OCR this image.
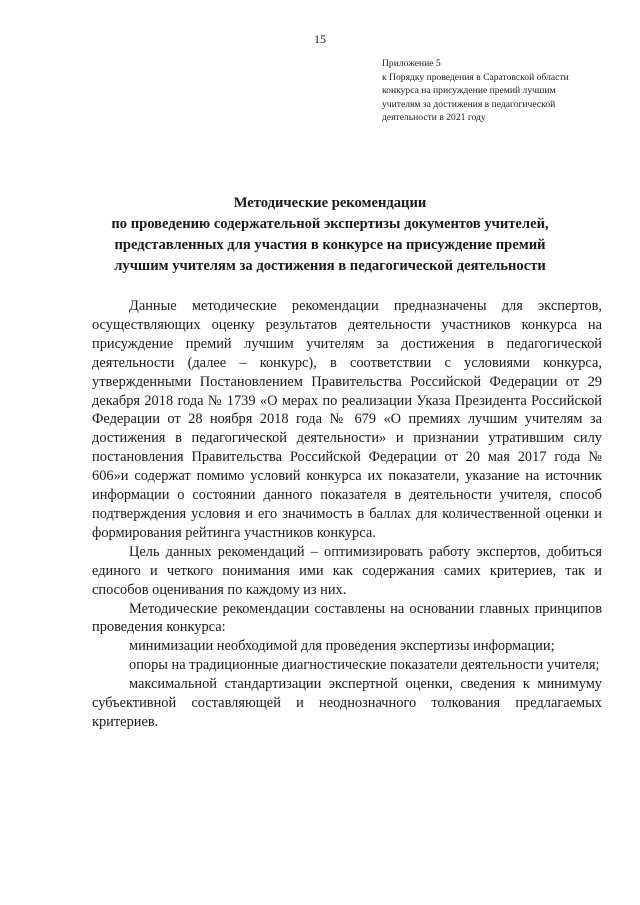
15
Приложение 5
к Порядку проведения в Саратовской области
конкурса на присуждение премий лучшим
учителям за достижения в педагогической
деятельности в 2021 году
Методические рекомендации
по проведению содержательной экспертизы документов учителей,
представленных для участия в конкурсе на присуждение премий
лучшим учителям за достижения в педагогической деятельности

Данные методические рекомендации предназначены для экспертов, осуществляющих оценку результатов деятельности участников конкурса на присуждение премий лучшим учителям за достижения в педагогической деятельности (далее – конкурс), в соответствии с условиями конкурса, утвержденными Постановлением Правительства Российской Федерации от 29 декабря 2018 года № 1739 «О мерах по реализации Указа Президента Российской Федерации от 28 ноября 2018 года № 679 «О премиях лучшим учителям за достижения в педагогической деятельности» и признании утратившим силу постановления Правительства Российской Федерации от 20 мая 2017 года № 606»и содержат помимо условий конкурса их показатели, указание на источник информации о состоянии данного показателя в деятельности учителя, способ подтверждения условия и его значимость в баллах для количественной оценки и формирования рейтинга участников конкурса.

Цель данных рекомендаций – оптимизировать работу экспертов, добиться единого и четкого понимания ими как содержания самих критериев, так и способов оценивания по каждому из них.

Методические рекомендации составлены на основании главных принципов проведения конкурса:

минимизации необходимой для проведения экспертизы информации;

опоры на традиционные диагностические показатели деятельности учителя;

максимальной стандартизации экспертной оценки, сведения к минимуму субъективной составляющей и неоднозначного толкования предлагаемых критериев.
